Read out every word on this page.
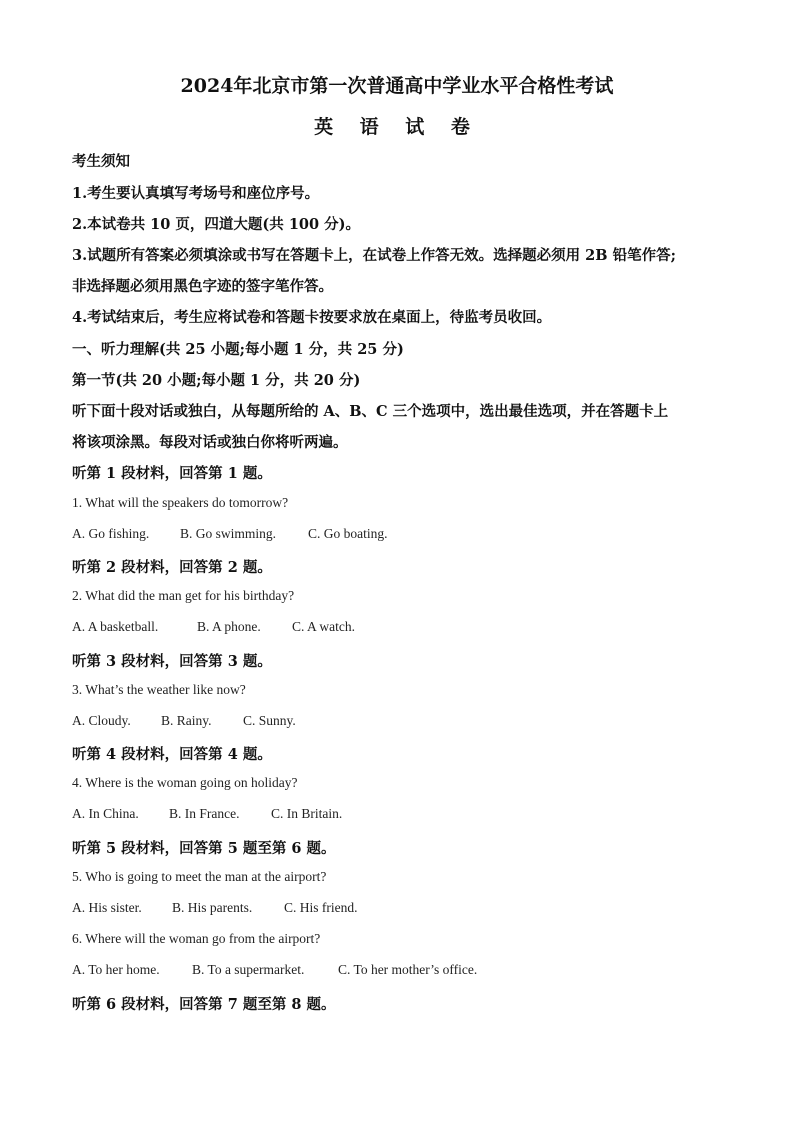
2024年北京市第一次普通高中学业水平合格性考试
英 语 试 卷
考生须知
1.考生要认真填写考场号和座位序号。
2.本试卷共 10 页，四道大题(共 100 分)。
3.试题所有答案必须填涂或书写在答题卡上，在试卷上作答无效。选择题必须用 2B 铅笔作答;
非选择题必须用黑色字迹的签字笔作答。
4.考试结束后，考生应将试卷和答题卡按要求放在桌面上，待监考员收回。
一、听力理解(共 25 小题;每小题 1 分，共 25 分)
第一节(共 20 小题;每小题 1 分，共 20 分)
听下面十段对话或独白，从每题所给的 A、B、C 三个选项中，选出最佳选项，并在答题卡上
将该项涂黑。每段对话或独白你将听两遍。
听第 1 段材料，回答第 1 题。
1. What will the speakers do tomorrow?
A. Go fishing. B. Go swimming. C. Go boating.
听第 2 段材料，回答第 2 题。
2. What did the man get for his birthday?
A. A basketball.	B. A phone. C. A watch.
听第 3 段材料，回答第 3 题。
3. What’s the weather like now?
A. Cloudy. B. Rainy. C. Sunny.
听第 4 段材料，回答第 4 题。
4. Where is the woman going on holiday?
A. In China. B. In France. C. In Britain.
听第 5 段材料，回答第 5 题至第 6 题。
5. Who is going to meet the man at the airport?
A. His sister. B. His parents. C. His friend.
6. Where will the woman go from the airport?
A. To her home. B. To a supermarket. C. To her mother’s office.
听第 6 段材料，回答第 7 题至第 8 题。
